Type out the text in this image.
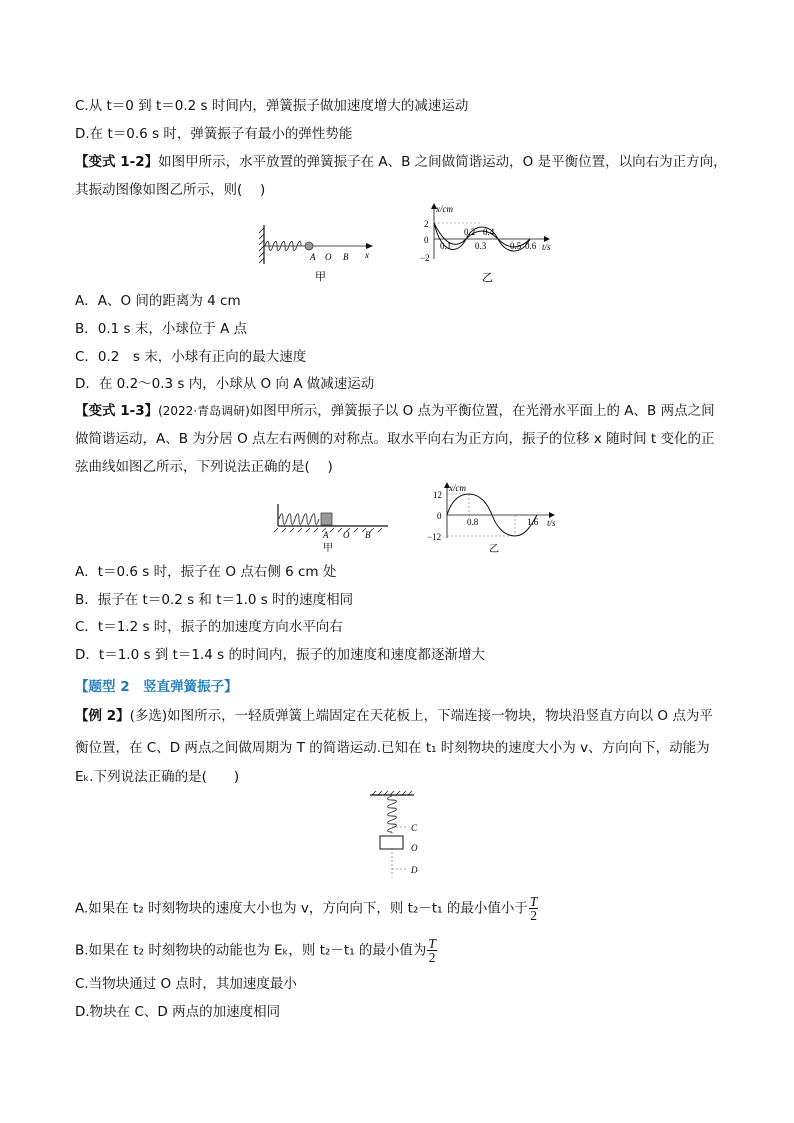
C.从 t＝0 到 t＝0.2 s 时间内，弹簧振子做加速度增大的减速运动
D.在 t＝0.6 s 时，弹簧振子有最小的弹性势能
【变式 1-2】如图甲所示，水平放置的弹簧振子在 A、B 之间做简谐运动，O 是平衡位置，以向右为正方向，
其振动图像如图乙所示，则(　 )
A O B x
甲
x/cm
t/s
2
0
−2
0.2 0.4
0.1	0.3	0.5 0.6
乙
A．A、O 间的距离为 4 cm
B．0.1 s 末，小球位于 A 点
C．0.2　s 末，小球有正向的最大速度
D．在 0.2～0.3 s 内，小球从 O 向 A 做减速运动
【变式 1-3】(2022·青岛调研)如图甲所示，弹簧振子以 O 点为平衡位置，在光滑水平面上的 A、B 两点之间
做简谐运动，A、B 为分居 O 点左右两侧的对称点。取水平向右为正方向，振子的位移 x 随时间 t 变化的正
弦曲线如图乙所示，下列说法正确的是(　 )
A O B
甲
x/cm
t/s
12
0
−12
0.8	1.6
乙
A．t＝0.6 s 时，振子在 O 点右侧 6 cm 处
B．振子在 t＝0.2 s 和 t＝1.0 s 时的速度相同
C．t＝1.2 s 时，振子的加速度方向水平向右
D．t＝1.0 s 到 t＝1.4 s 的时间内，振子的加速度和速度都逐渐增大
【题型 2　竖直弹簧振子】
【例 2】(多选)如图所示，一轻质弹簧上端固定在天花板上，下端连接一物块，物块沿竖直方向以 O 点为平
衡位置，在 C、D 两点之间做周期为 T 的简谐运动.已知在 t₁ 时刻物块的速度大小为 v、方向向下，动能为
Eₖ.下列说法正确的是(　　)
C
O
D
A.如果在 t₂ 时刻物块的速度大小也为 v，方向向下，则 t₂－t₁ 的最小值小于 $\frac{T}{2}$
B.如果在 t₂ 时刻物块的动能也为 Eₖ，则 t₂－t₁ 的最小值为 $\frac{T}{2}$
C.当物块通过 O 点时，其加速度最小
D.物块在 C、D 两点的加速度相同
